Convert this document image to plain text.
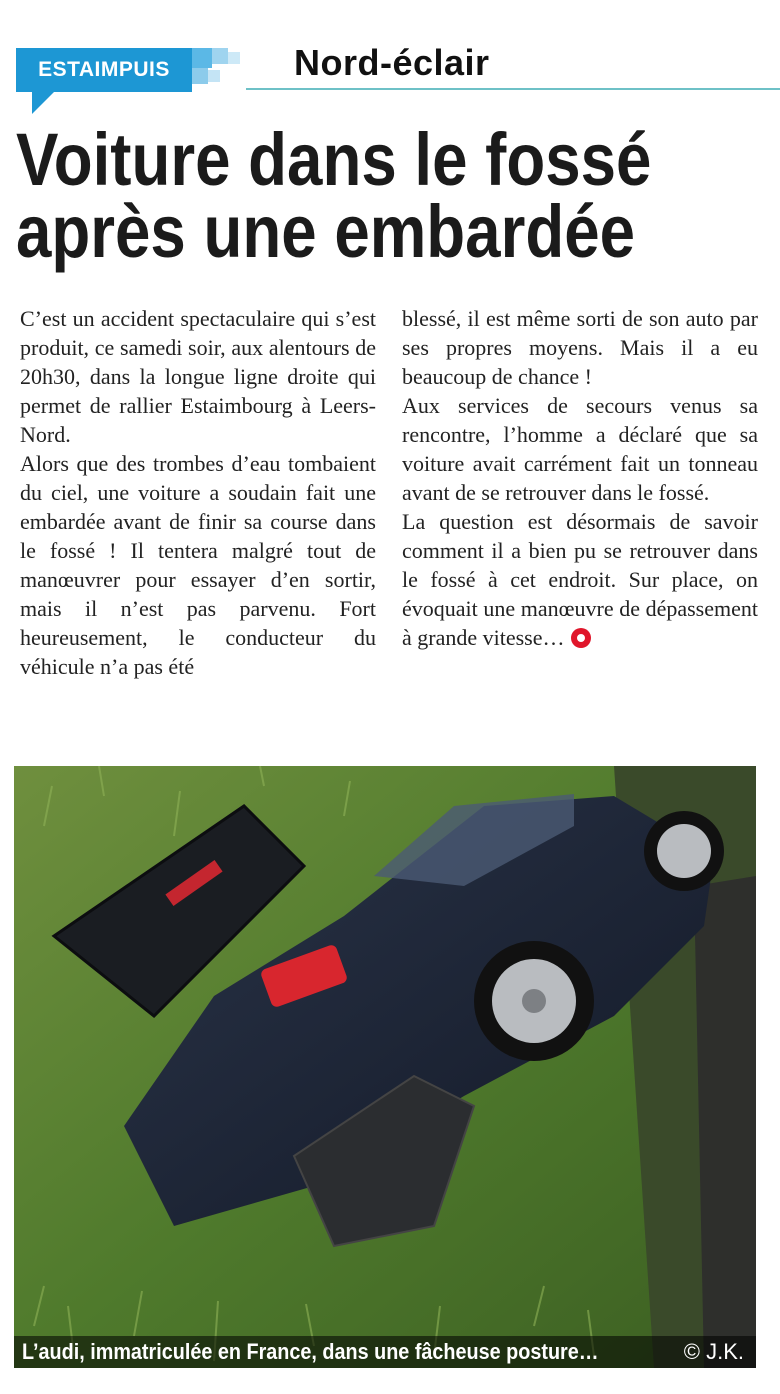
ESTAIMPUIS	Nord-éclair
Voiture dans le fossé
après une embardée

C’est un accident spectaculaire qui s’est produit, ce samedi soir, aux alentours de 20h30, dans la longue ligne droite qui permet de rallier Estaimbourg à Leers-Nord.

Alors que des trombes d’eau tombaient du ciel, une voiture a soudain fait une embardée avant de finir sa course dans le fossé ! Il tentera malgré tout de manœuvrer pour essayer d’en sortir, mais il n’est pas parvenu. Fort heureusement, le conducteur du véhicule n’a pas été

blessé, il est même sorti de son auto par ses propres moyens. Mais il a eu beaucoup de chance !

Aux services de secours venus sa rencontre, l’homme a déclaré que sa voiture avait carrément fait un tonneau avant de se retrouver dans le fossé.

La question est désormais de savoir comment il a bien pu se retrouver dans le fossé à cet endroit. Sur place, on évoquait une manœuvre de dépassement à grande vitesse…

L’audi, immatriculée en France, dans une fâcheuse posture…	© J.K.
